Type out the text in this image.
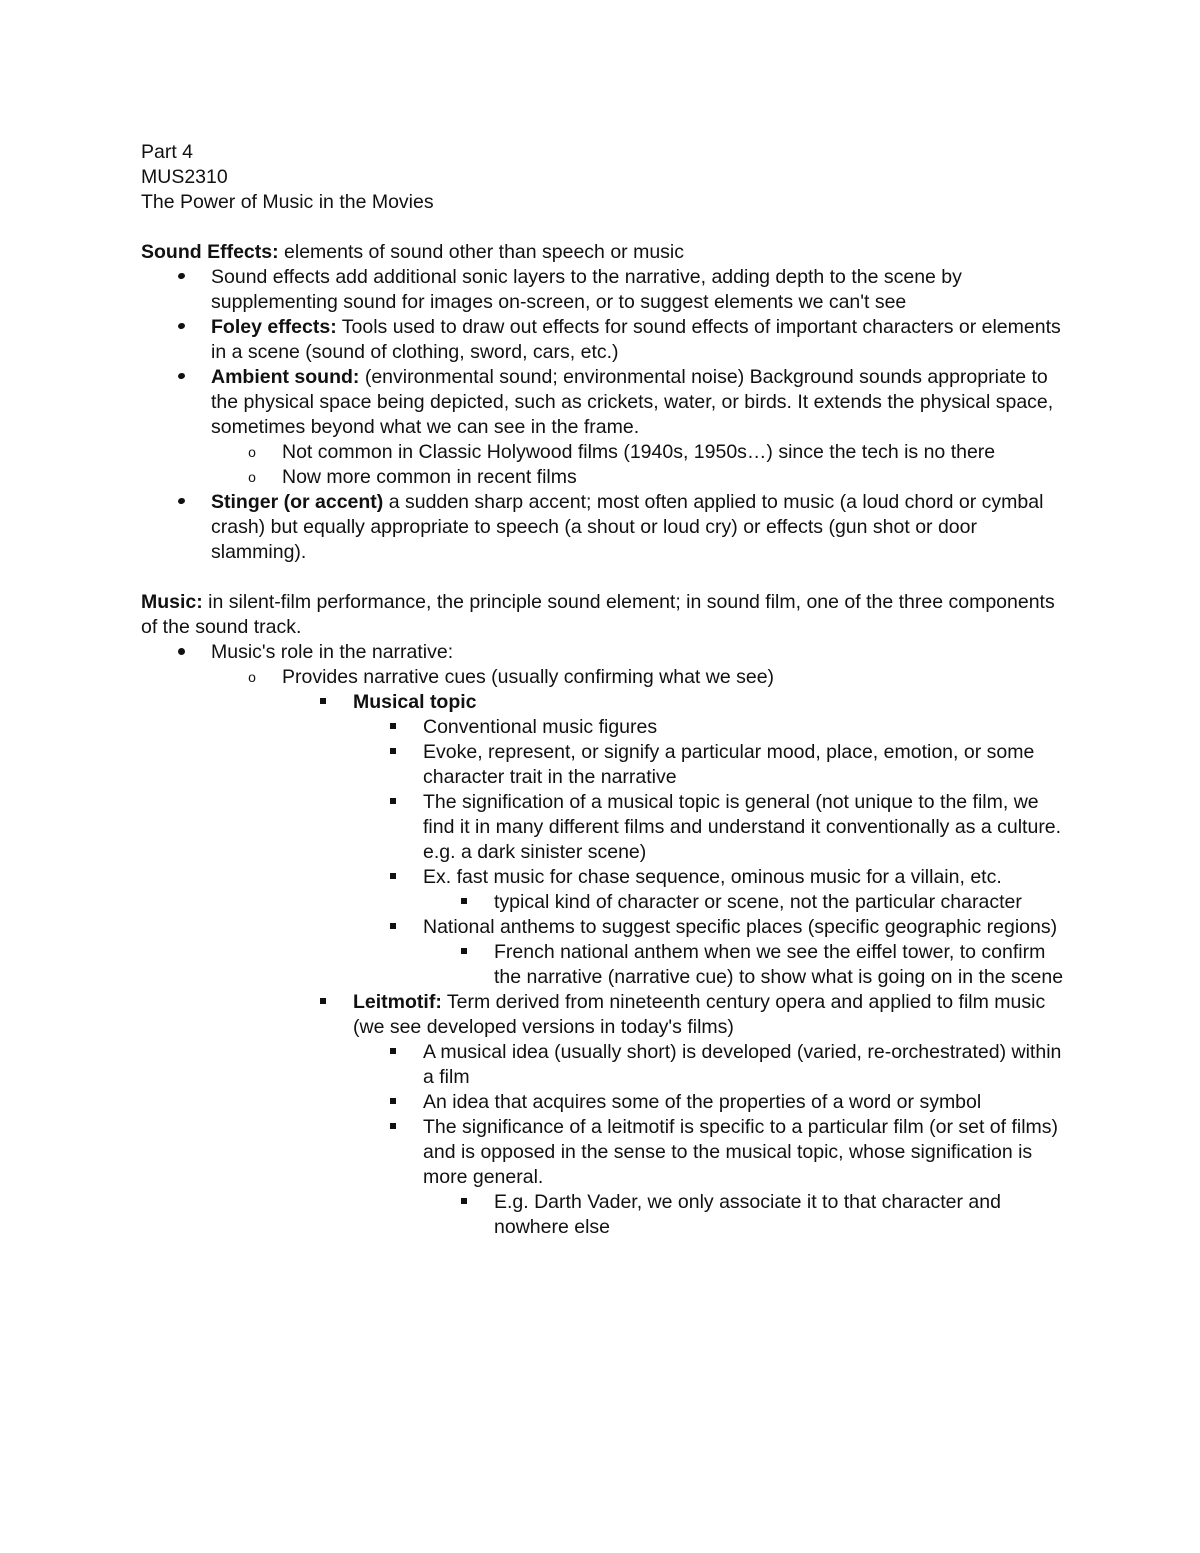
Part 4

MUS2310

The Power of Music in the Movies

Sound Effects: elements of sound other than speech or music

Sound effects add additional sonic layers to the narrative, adding depth to the scene by supplementing sound for images on-screen, or to suggest elements we can't see
Foley effects: Tools used to draw out effects for sound effects of important characters or elements in a scene (sound of clothing, sword, cars, etc.)
Ambient sound: (environmental sound; environmental noise) Background sounds appropriate to the physical space being depicted, such as crickets, water, or birds. It extends the physical space, sometimes beyond what we can see in the frame.
o	Not common in Classic Holywood films (1940s, 1950s…) since the tech is no there
o	Now more common in recent films
Stinger (or accent) a sudden sharp accent; most often applied to music (a loud chord or cymbal crash) but equally appropriate to speech (a shout or loud cry) or effects (gun shot or door slamming).

Music: in silent-film performance, the principle sound element; in sound film, one of the three components of the sound track.

Music's role in the narrative:
o	Provides narrative cues (usually confirming what we see)
Musical topic
Conventional music figures
Evoke, represent, or signify a particular mood, place, emotion, or some character trait in the narrative
The signification of a musical topic is general (not unique to the film, we find it in many different films and understand it conventionally as a culture. e.g. a dark sinister scene)
Ex. fast music for chase sequence, ominous music for a villain, etc.
typical kind of character or scene, not the particular character
National anthems to suggest specific places (specific geographic regions)
French national anthem when we see the eiffel tower, to confirm the narrative (narrative cue) to show what is going on in the scene
Leitmotif: Term derived from nineteenth century opera and applied to film music (we see developed versions in today's films)
A musical idea (usually short) is developed (varied, re-orchestrated) within a film
An idea that acquires some of the properties of a word or symbol
The significance of a leitmotif is specific to a particular film (or set of films) and is opposed in the sense to the musical topic, whose signification is more general.
E.g. Darth Vader, we only associate it to that character and nowhere else
